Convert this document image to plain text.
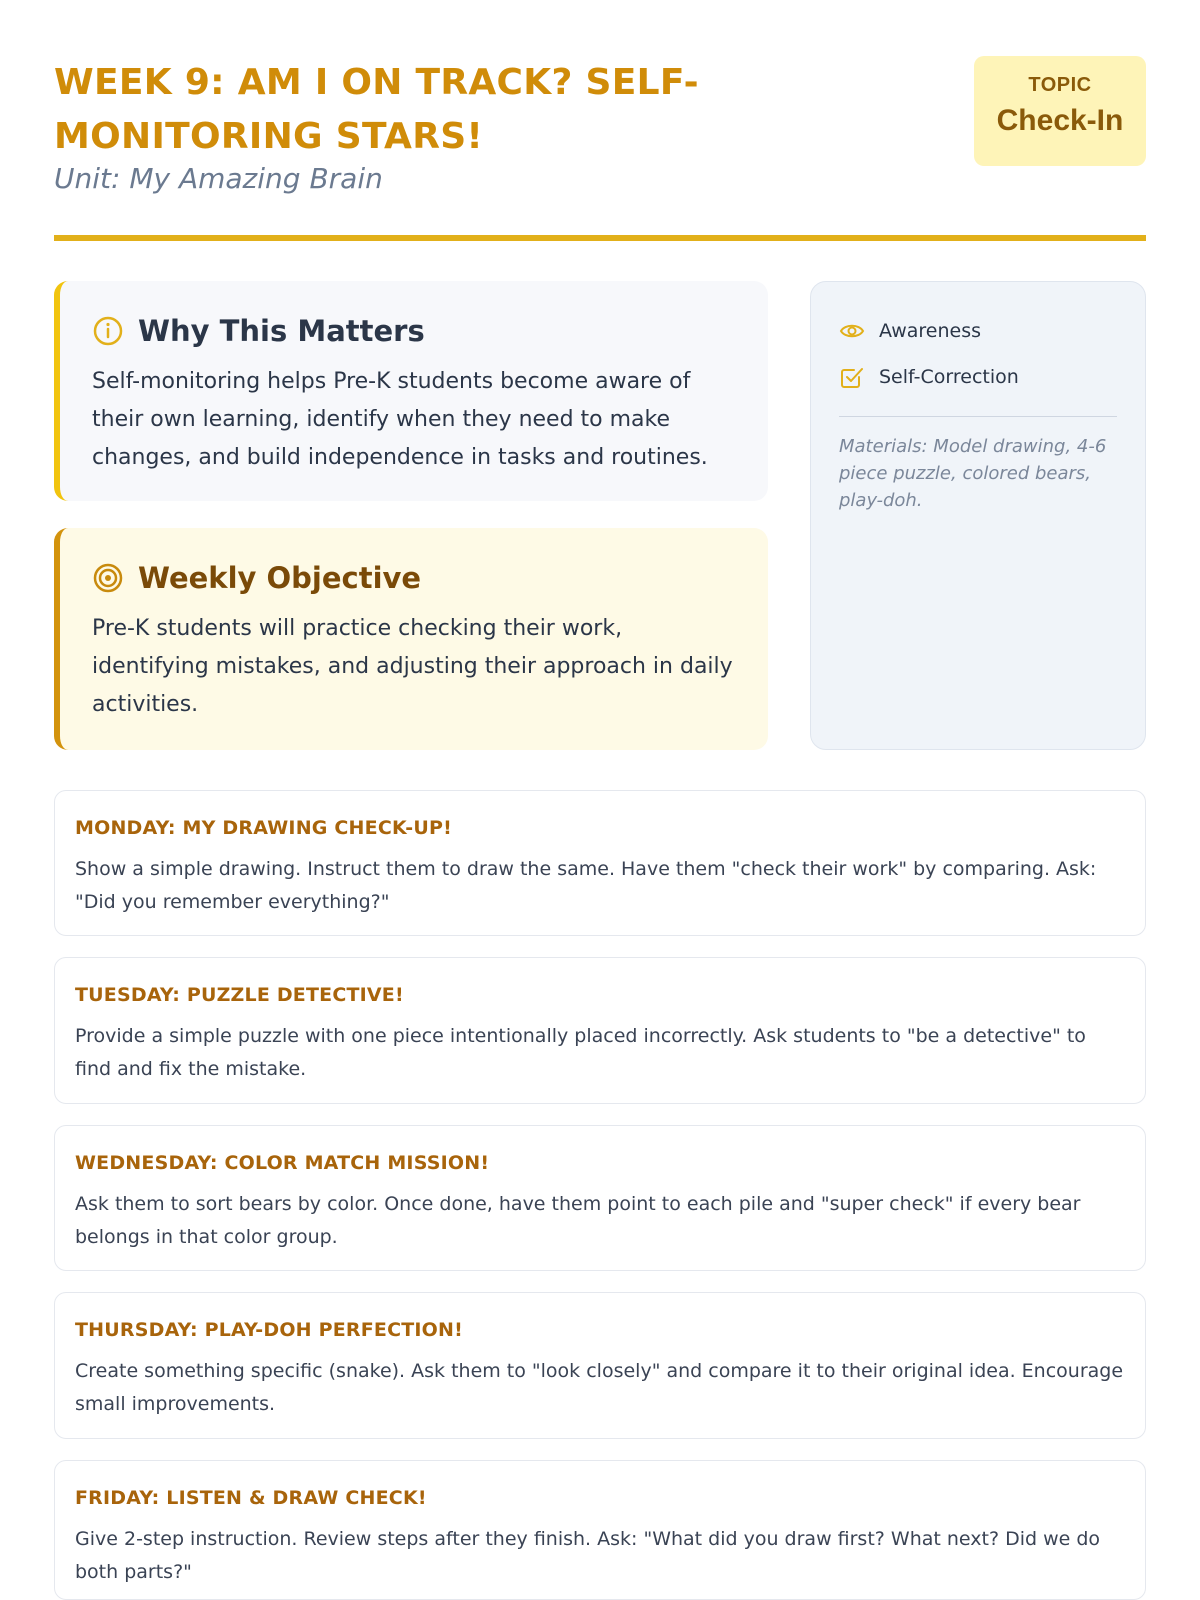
WEEK 9: AM I ON TRACK? SELF-MONITORING STARS!
Unit: My Amazing Brain
TOPIC
Check-In
Why This Matters
Self-monitoring helps Pre-K students become aware of their own learning, identify when they need to make changes, and build independence in tasks and routines.
Weekly Objective
Pre-K students will practice checking their work, identifying mistakes, and adjusting their approach in daily activities.
Awareness
Self-Correction
Materials: Model drawing, 4-6 piece puzzle, colored bears, play-doh.
MONDAY: MY DRAWING CHECK-UP!
Show a simple drawing. Instruct them to draw the same. Have them "check their work" by comparing. Ask: "Did you remember everything?"
TUESDAY: PUZZLE DETECTIVE!
Provide a simple puzzle with one piece intentionally placed incorrectly. Ask students to "be a detective" to find and fix the mistake.
WEDNESDAY: COLOR MATCH MISSION!
Ask them to sort bears by color. Once done, have them point to each pile and "super check" if every bear belongs in that color group.
THURSDAY: PLAY-DOH PERFECTION!
Create something specific (snake). Ask them to "look closely" and compare it to their original idea. Encourage small improvements.
FRIDAY: LISTEN & DRAW CHECK!
Give 2-step instruction. Review steps after they finish. Ask: "What did you draw first? What next? Did we do both parts?"
